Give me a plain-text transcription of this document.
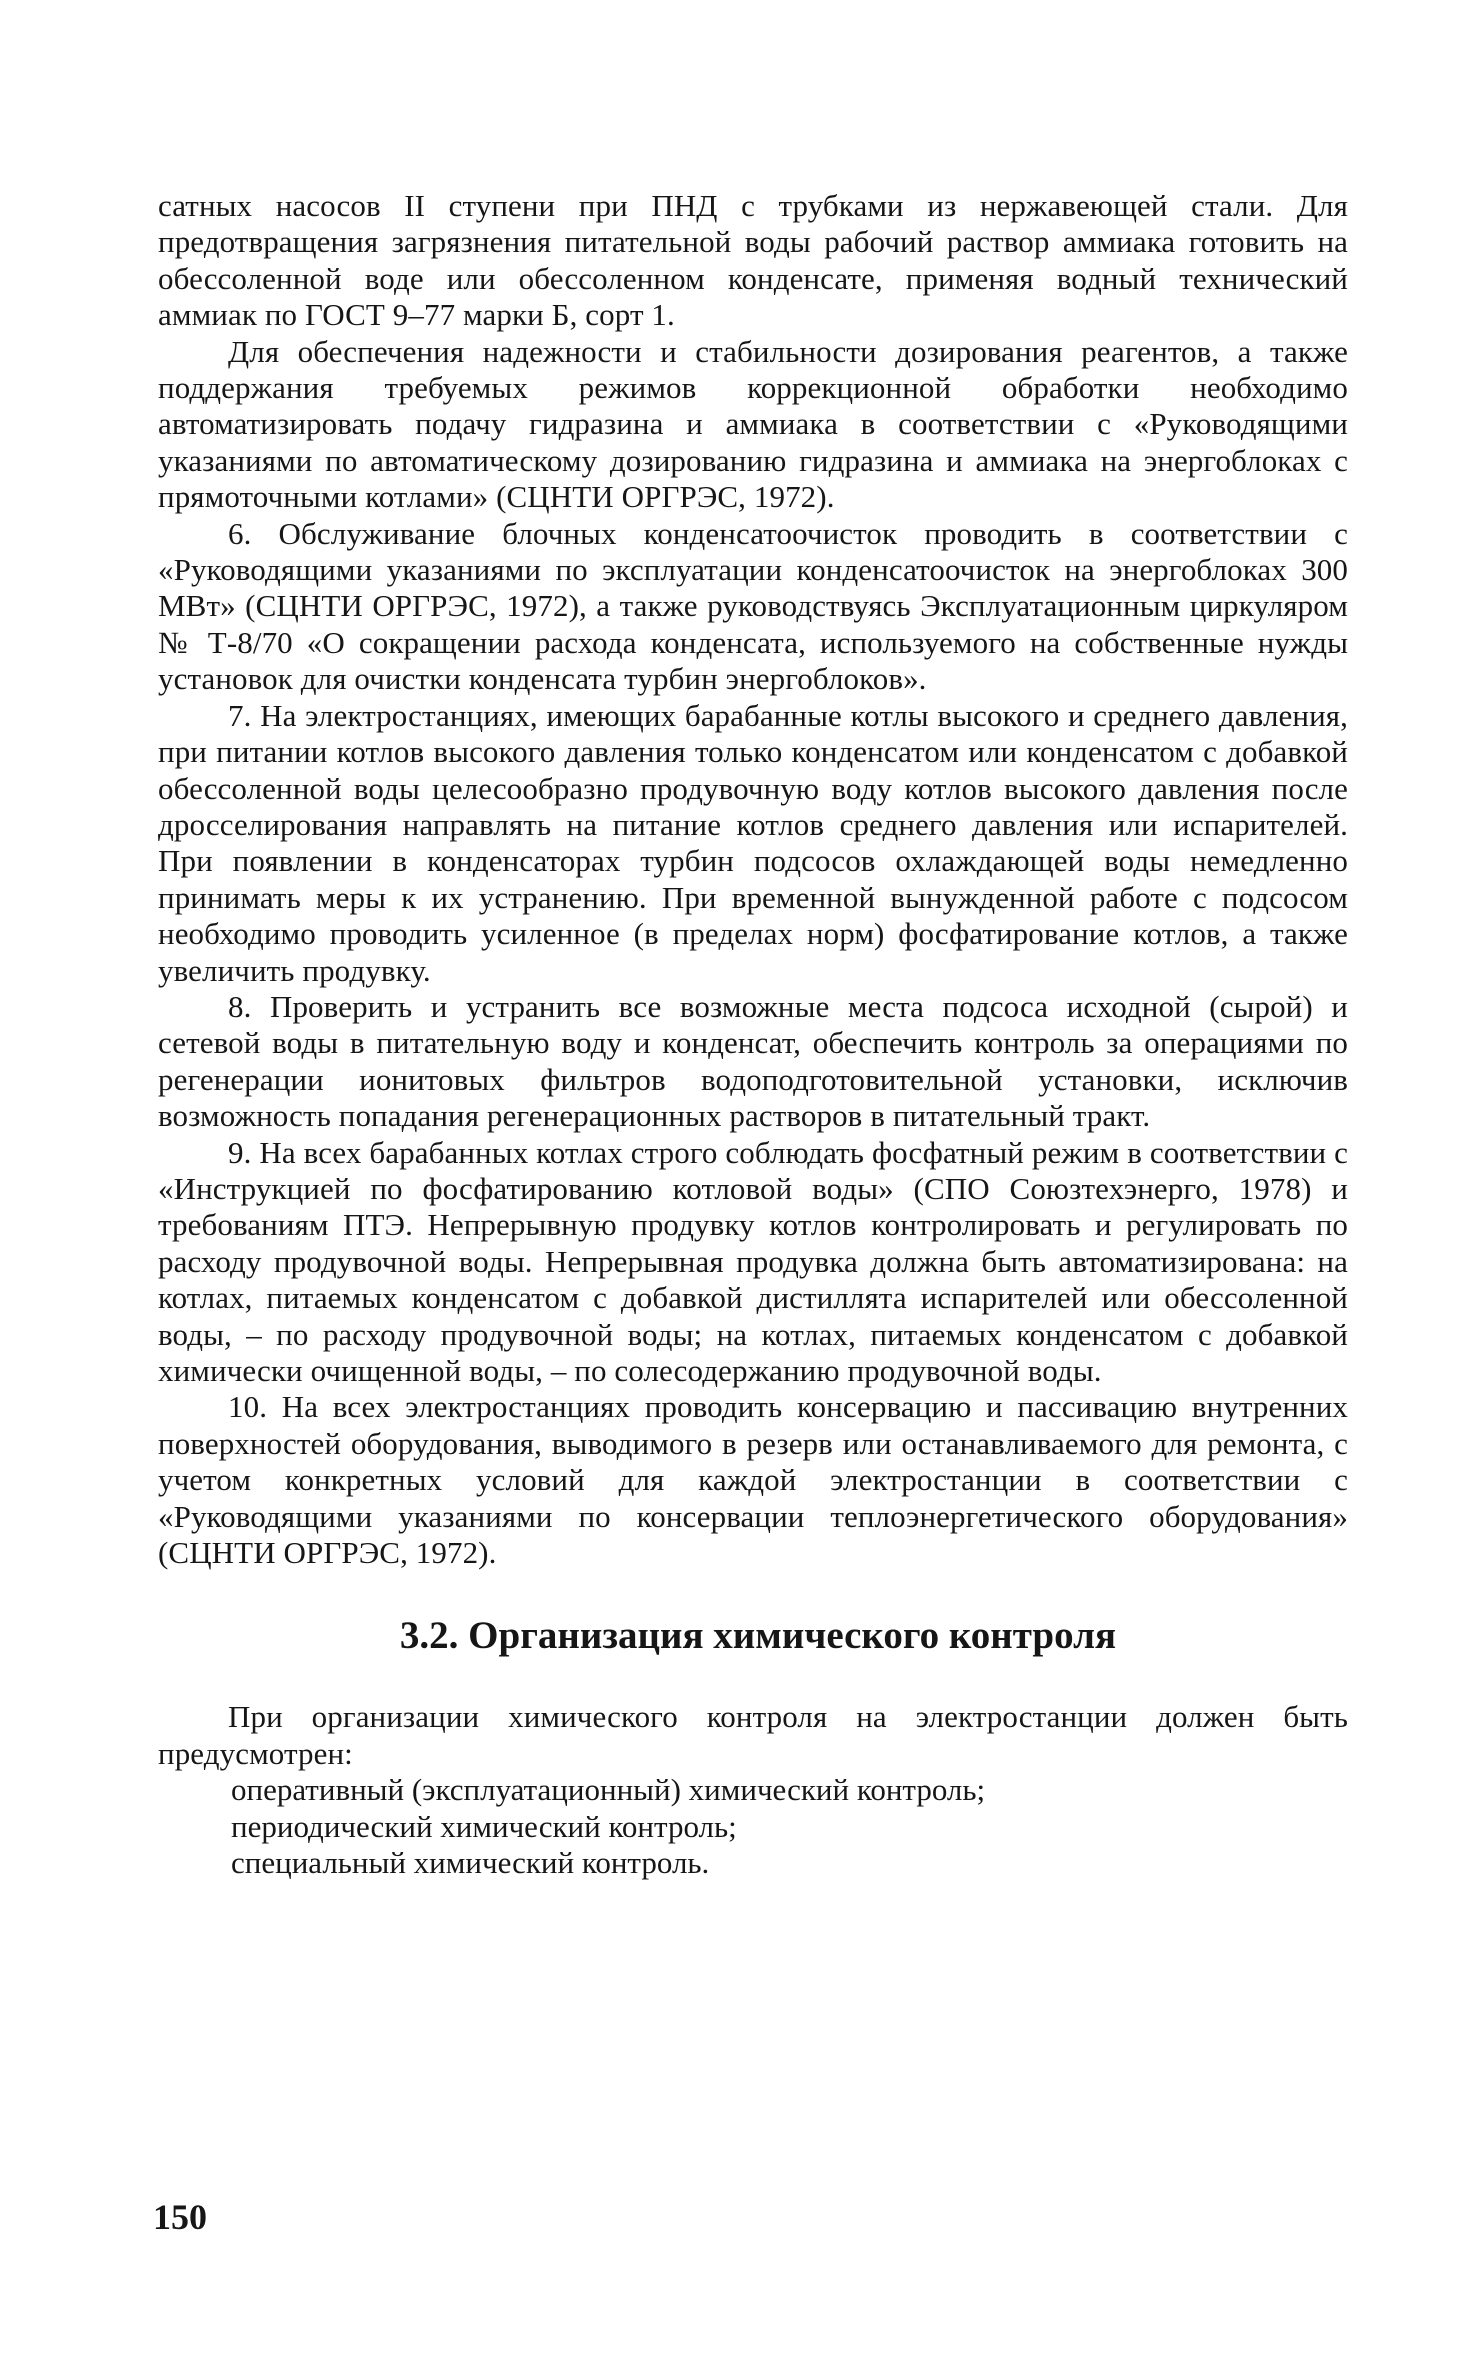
сатных насосов II ступени при ПНД с трубками из нержавеющей стали. Для предотвращения загрязнения питательной воды рабочий раствор аммиака готовить на обессоленной воде или обессоленном конденсате, применяя водный технический аммиак по ГОСТ 9–77 марки Б, сорт 1.

Для обеспечения надежности и стабильности дозирования реагентов, а также поддержания требуемых режимов коррекционной обработки необходимо автоматизировать подачу гидразина и аммиака в соответствии с «Руководящими указаниями по автоматическому дозированию гидразина и аммиака на энергоблоках с прямоточными котлами» (СЦНТИ ОРГРЭС, 1972).

6. Обслуживание блочных конденсатоочисток проводить в соответствии с «Руководящими указаниями по эксплуатации конденсатоочисток на энергоблоках 300 МВт» (СЦНТИ ОРГРЭС, 1972), а также руководствуясь Эксплуатационным циркуляром № Т-8/70 «О сокращении расхода конденсата, используемого на собственные нужды установок для очистки конденсата турбин энергоблоков».

7. На электростанциях, имеющих барабанные котлы высокого и среднего давления, при питании котлов высокого давления только конденсатом или конденсатом с добавкой обессоленной воды целесообразно продувочную воду котлов высокого давления после дросселирования направлять на питание котлов среднего давления или испарителей. При появлении в конденсаторах турбин подсосов охлаждающей воды немедленно принимать меры к их устранению. При временной вынужденной работе с подсосом необходимо проводить усиленное (в пределах норм) фосфатирование котлов, а также увеличить продувку.

8. Проверить и устранить все возможные места подсоса исходной (сырой) и сетевой воды в питательную воду и конденсат, обеспечить контроль за операциями по регенерации ионитовых фильтров водоподготовительной установки, исключив возможность попадания регенерационных растворов в питательный тракт.

9. На всех барабанных котлах строго соблюдать фосфатный режим в соответствии с «Инструкцией по фосфатированию котловой воды» (СПО Союзтехэнерго, 1978) и требованиям ПТЭ. Непрерывную продувку котлов контролировать и регулировать по расходу продувочной воды. Непрерывная продувка должна быть автоматизирована: на котлах, питаемых конденсатом с добавкой дистиллята испарителей или обессоленной воды, – по расходу продувочной воды; на котлах, питаемых конденсатом с добавкой химически очищенной воды, – по солесодержанию продувочной воды.

10. На всех электростанциях проводить консервацию и пассивацию внутренних поверхностей оборудования, выводимого в резерв или останавливаемого для ремонта, с учетом конкретных условий для каждой электростанции в соответствии с «Руководящими указаниями по консервации теплоэнергетического оборудования» (СЦНТИ ОРГРЭС, 1972).

3.2. Организация химического контроля

При организации химического контроля на электростанции должен быть предусмотрен:

оперативный (эксплуатационный) химический контроль;

периодический химический контроль;

специальный химический контроль.

150
